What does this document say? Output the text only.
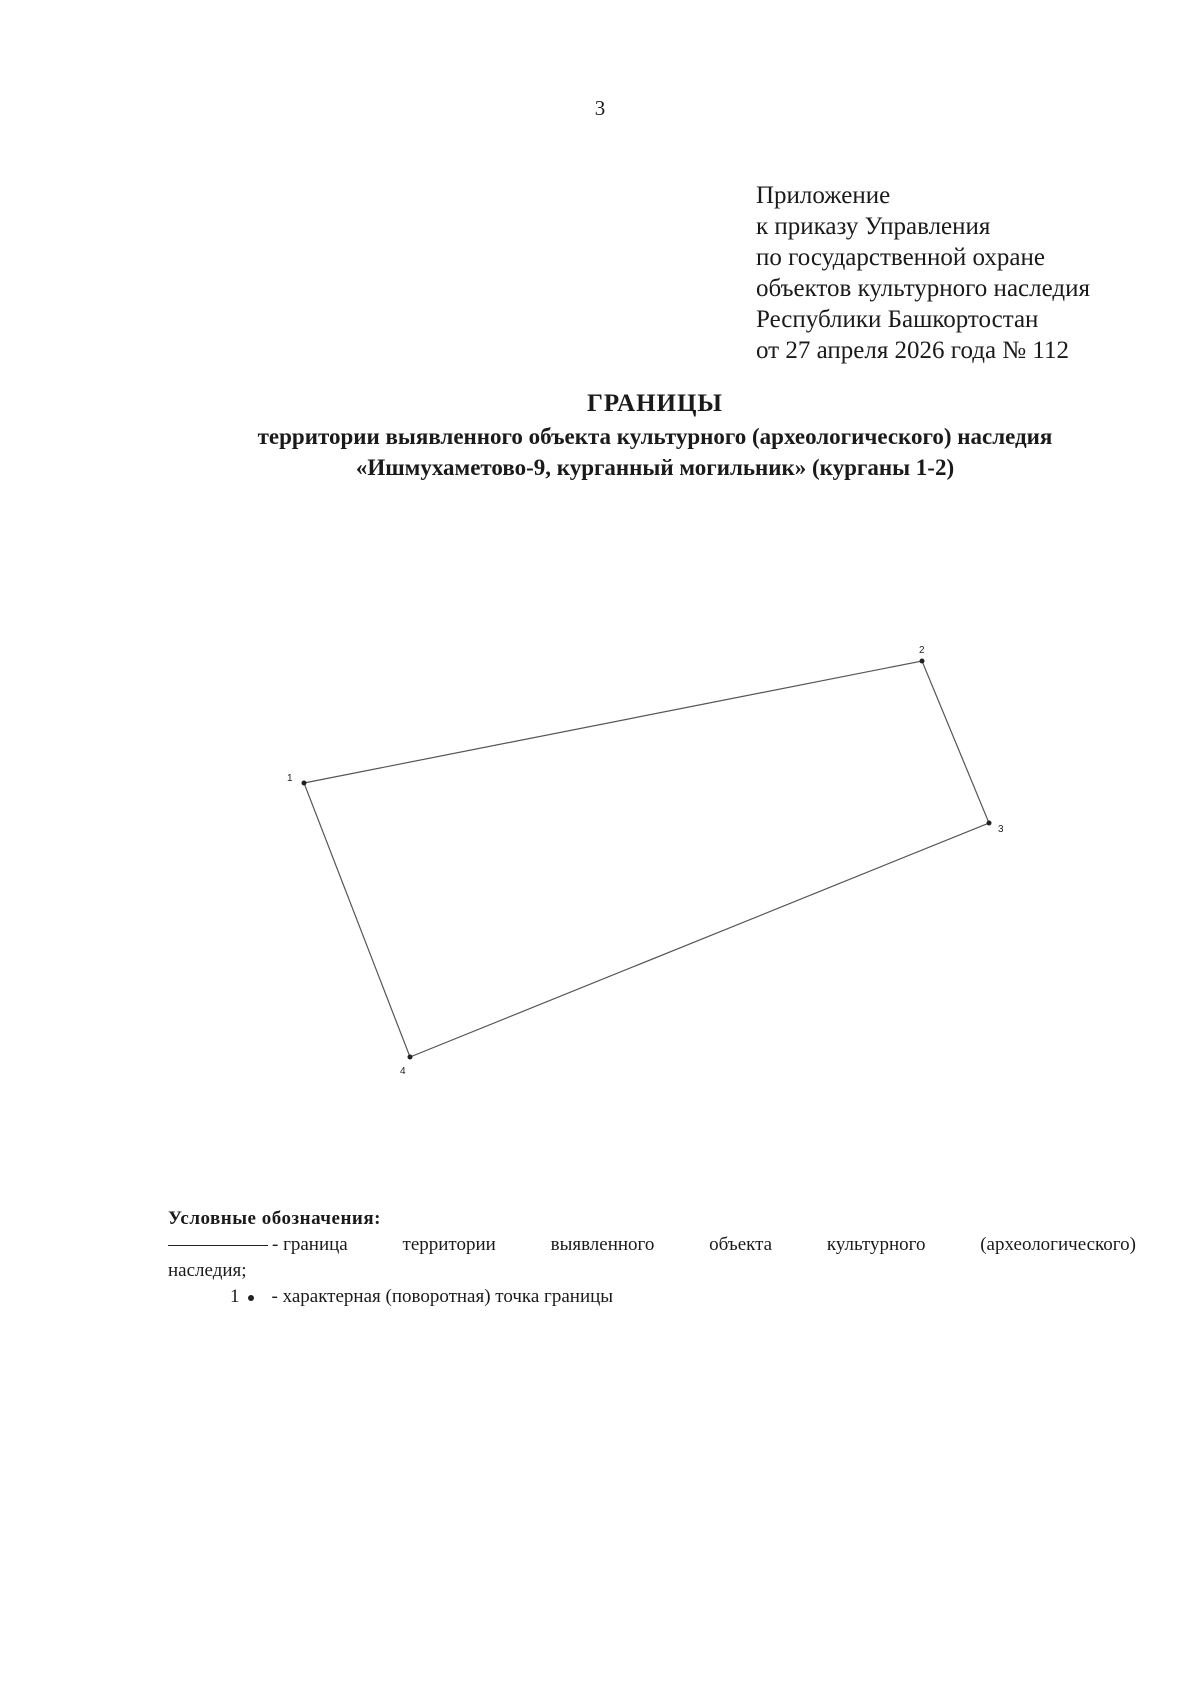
3
Приложение
к приказу Управления
по государственной охране
объектов культурного наследия
Республики Башкортостан
от 27 апреля 2026 года № 112
ГРАНИЦЫ
территории выявленного объекта культурного (археологического) наследия
«Ишмухаметово-9, курганный могильник» (курганы 1-2)
1
2
3
4
Условные обозначения:
- граница	территории	выявленного	объекта	культурного	(археологического)
наследия;
1 - характерная (поворотная) точка границы
